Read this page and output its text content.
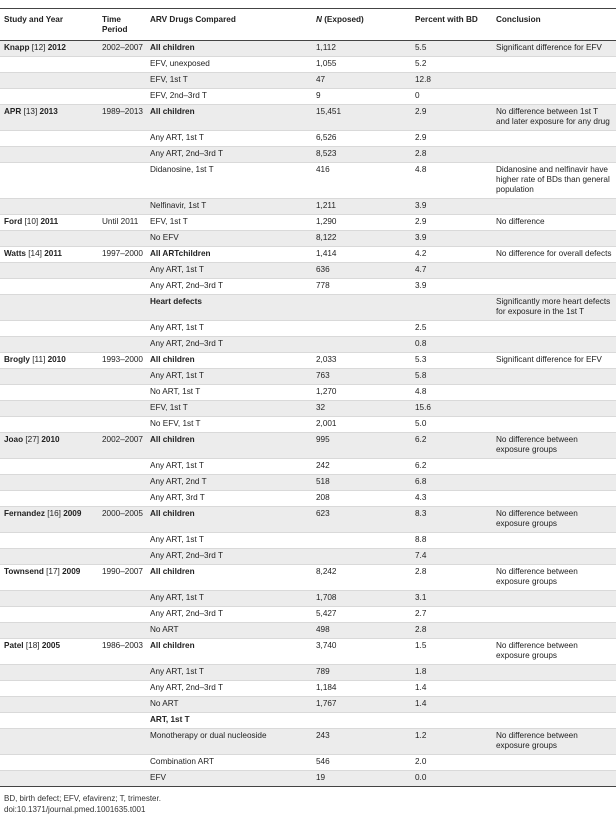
Study and Year	Time Period	ARV Drugs Compared	N (Exposed)	Percent with BD	Conclusion
Knapp [12] 2012	2002–2007	All children	1,112	5.5	Significant difference for EFV
		EFV, unexposed	1,055	5.2	
		EFV, 1st T	47	12.8	
		EFV, 2nd–3rd T	9	0	
APR [13] 2013	1989–2013	All children	15,451	2.9	No difference between 1st T and later exposure for any drug
		Any ART, 1st T	6,526	2.9	
		Any ART, 2nd–3rd T	8,523	2.8	
		Didanosine, 1st T	416	4.8	Didanosine and nelfinavir have higher rate of BDs than general population
		Nelfinavir, 1st T	1,211	3.9	
Ford [10] 2011	Until 2011	EFV, 1st T	1,290	2.9	No difference
		No EFV	8,122	3.9	
Watts [14] 2011	1997–2000	All ARTchildren	1,414	4.2	No difference for overall defects
		Any ART, 1st T	636	4.7	
		Any ART, 2nd–3rd T	778	3.9	
		Heart defects			Significantly more heart defects for exposure in the 1st T
		Any ART, 1st T		2.5	
		Any ART, 2nd–3rd T		0.8	
Brogly [11] 2010	1993–2000	All children	2,033	5.3	Significant difference for EFV
		Any ART, 1st T	763	5.8	
		No ART, 1st T	1,270	4.8	
		EFV, 1st T	32	15.6	
		No EFV, 1st T	2,001	5.0	
Joao [27] 2010	2002–2007	All children	995	6.2	No difference between exposure groups
		Any ART, 1st T	242	6.2	
		Any ART, 2nd T	518	6.8	
		Any ART, 3rd T	208	4.3	
Fernandez [16] 2009	2000–2005	All children	623	8.3	No difference between exposure groups
		Any ART, 1st T		8.8	
		Any ART, 2nd–3rd T		7.4	
Townsend [17] 2009	1990–2007	All children	8,242	2.8	No difference between exposure groups
		Any ART, 1st T	1,708	3.1	
		Any ART, 2nd–3rd T	5,427	2.7	
		No ART	498	2.8	
Patel [18] 2005	1986–2003	All children	3,740	1.5	No difference between exposure groups
		Any ART, 1st T	789	1.8	
		Any ART, 2nd–3rd T	1,184	1.4	
		No ART	1,767	1.4	
		ART, 1st T			
		Monotherapy or dual nucleoside	243	1.2	No difference between exposure groups
		Combination ART	546	2.0	
		EFV	19	0.0	
BD, birth defect; EFV, efavirenz; T, trimester.
doi:10.1371/journal.pmed.1001635.t001
